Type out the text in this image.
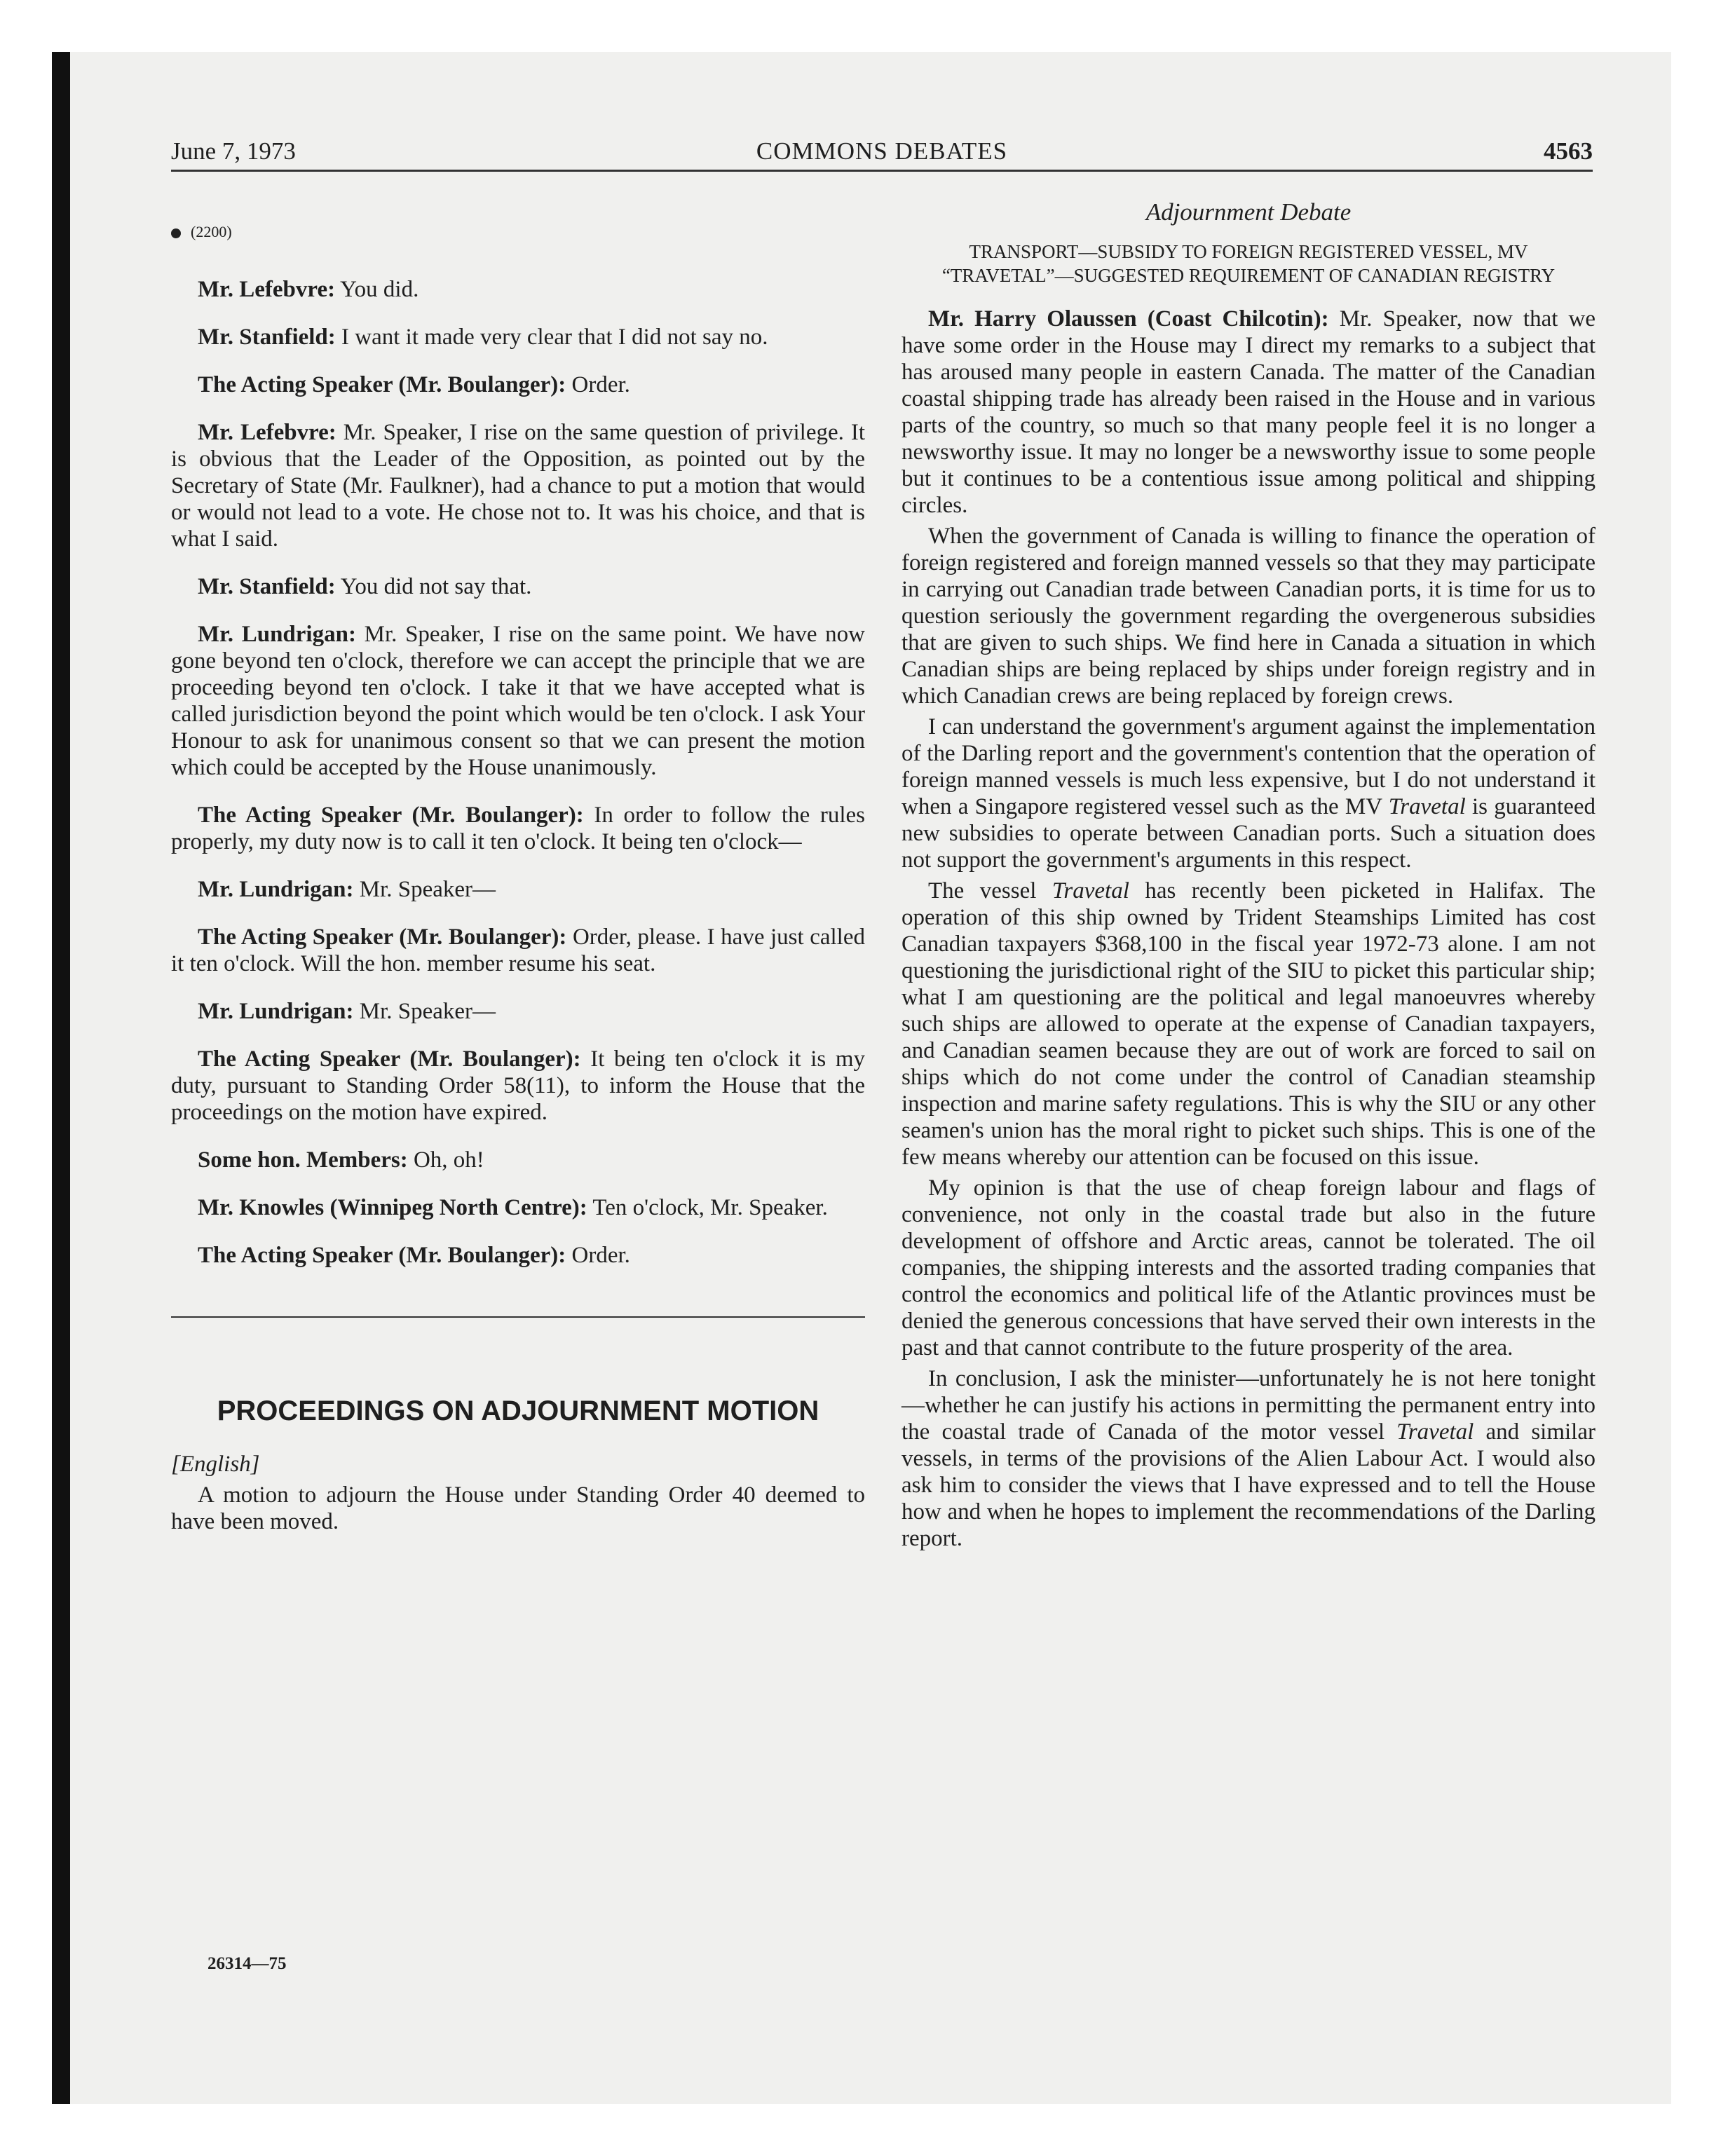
June 7, 1973	COMMONS DEBATES	4563
(2200)

Mr. Lefebvre: You did.

Mr. Stanfield: I want it made very clear that I did not say no.

The Acting Speaker (Mr. Boulanger): Order.

Mr. Lefebvre: Mr. Speaker, I rise on the same question of privilege. It is obvious that the Leader of the Opposition, as pointed out by the Secretary of State (Mr. Faulkner), had a chance to put a motion that would or would not lead to a vote. He chose not to. It was his choice, and that is what I said.

Mr. Stanfield: You did not say that.

Mr. Lundrigan: Mr. Speaker, I rise on the same point. We have now gone beyond ten o'clock, therefore we can accept the principle that we are proceeding beyond ten o'clock. I take it that we have accepted what is called jurisdiction beyond the point which would be ten o'clock. I ask Your Honour to ask for unanimous consent so that we can present the motion which could be accepted by the House unanimously.

The Acting Speaker (Mr. Boulanger): In order to follow the rules properly, my duty now is to call it ten o'clock. It being ten o'clock—

Mr. Lundrigan: Mr. Speaker—

The Acting Speaker (Mr. Boulanger): Order, please. I have just called it ten o'clock. Will the hon. member resume his seat.

Mr. Lundrigan: Mr. Speaker—

The Acting Speaker (Mr. Boulanger): It being ten o'clock it is my duty, pursuant to Standing Order 58(11), to inform the House that the proceedings on the motion have expired.

Some hon. Members: Oh, oh!

Mr. Knowles (Winnipeg North Centre): Ten o'clock, Mr. Speaker.

The Acting Speaker (Mr. Boulanger): Order.

PROCEEDINGS ON ADJOURNMENT MOTION

[English]

A motion to adjourn the House under Standing Order 40 deemed to have been moved.

26314—75
Adjournment Debate
TRANSPORT—SUBSIDY TO FOREIGN REGISTERED VESSEL, MV “TRAVETAL”—SUGGESTED REQUIREMENT OF CANADIAN REGISTRY

Mr. Harry Olaussen (Coast Chilcotin): Mr. Speaker, now that we have some order in the House may I direct my remarks to a subject that has aroused many people in eastern Canada. The matter of the Canadian coastal shipping trade has already been raised in the House and in various parts of the country, so much so that many people feel it is no longer a newsworthy issue. It may no longer be a newsworthy issue to some people but it continues to be a contentious issue among political and shipping circles.

When the government of Canada is willing to finance the operation of foreign registered and foreign manned vessels so that they may participate in carrying out Canadian trade between Canadian ports, it is time for us to question seriously the government regarding the overgenerous subsidies that are given to such ships. We find here in Canada a situation in which Canadian ships are being replaced by ships under foreign registry and in which Canadian crews are being replaced by foreign crews.

I can understand the government's argument against the implementation of the Darling report and the government's contention that the operation of foreign manned vessels is much less expensive, but I do not understand it when a Singapore registered vessel such as the MV Travetal is guaranteed new subsidies to operate between Canadian ports. Such a situation does not support the government's arguments in this respect.

The vessel Travetal has recently been picketed in Halifax. The operation of this ship owned by Trident Steamships Limited has cost Canadian taxpayers $368,100 in the fiscal year 1972-73 alone. I am not questioning the jurisdictional right of the SIU to picket this particular ship; what I am questioning are the political and legal manoeuvres whereby such ships are allowed to operate at the expense of Canadian taxpayers, and Canadian seamen because they are out of work are forced to sail on ships which do not come under the control of Canadian steamship inspection and marine safety regulations. This is why the SIU or any other seamen's union has the moral right to picket such ships. This is one of the few means whereby our attention can be focused on this issue.

My opinion is that the use of cheap foreign labour and flags of convenience, not only in the coastal trade but also in the future development of offshore and Arctic areas, cannot be tolerated. The oil companies, the shipping interests and the assorted trading companies that control the economics and political life of the Atlantic provinces must be denied the generous concessions that have served their own interests in the past and that cannot contribute to the future prosperity of the area.

In conclusion, I ask the minister—unfortunately he is not here tonight—whether he can justify his actions in permitting the permanent entry into the coastal trade of Canada of the motor vessel Travetal and similar vessels, in terms of the provisions of the Alien Labour Act. I would also ask him to consider the views that I have expressed and to tell the House how and when he hopes to implement the recommendations of the Darling report.
